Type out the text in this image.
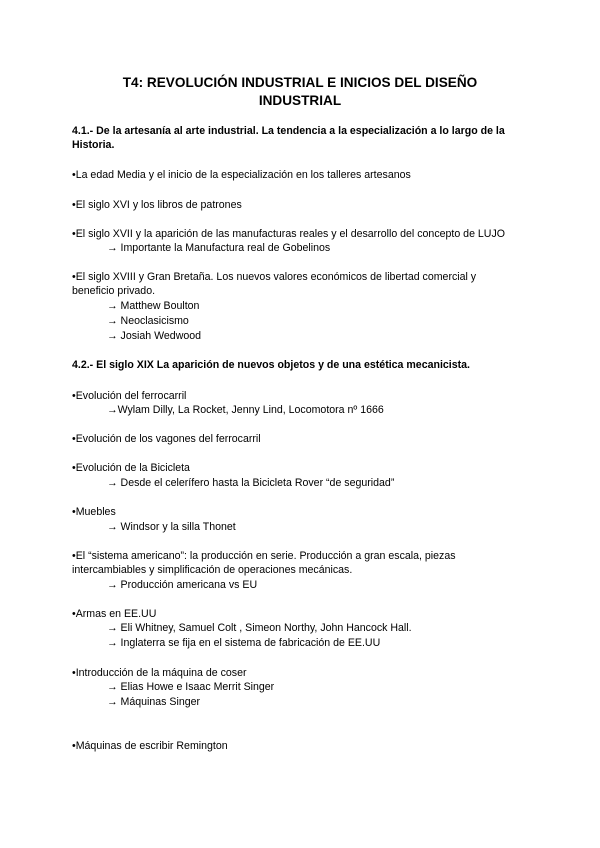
T4: REVOLUCIÓN INDUSTRIAL E INICIOS DEL DISEÑO
INDUSTRIAL
4.1.- De la artesanía al arte industrial. La tendencia a la especialización a lo largo de la
Historia.
•La edad Media y el inicio de la especialización en los talleres artesanos
•El siglo XVI y los libros de patrones
•El siglo XVII y la aparición de las manufacturas reales y el desarrollo del concepto de LUJO
→ Importante la Manufactura real de Gobelinos
•El siglo XVIII y Gran Bretaña. Los nuevos valores económicos de libertad comercial y
beneficio privado.
→ Matthew Boulton
→ Neoclasicismo
→ Josiah Wedwood
4.2.- El siglo XIX La aparición de nuevos objetos y de una estética mecanicista.
•Evolución del ferrocarril
→Wylam Dilly, La Rocket, Jenny Lind, Locomotora nº 1666
•Evolución de los vagones del ferrocarril
•Evolución de la Bicicleta
→ Desde el celerífero hasta la Bicicleta Rover “de seguridad”
•Muebles
→ Windsor y la silla Thonet
•El “sistema americano”: la producción en serie. Producción a gran escala, piezas
intercambiables y simplificación de operaciones mecánicas.
→ Producción americana vs EU
•Armas en EE.UU
→ Eli Whitney, Samuel Colt , Simeon Northy, John Hancock Hall.
→ Inglaterra se fija en el sistema de fabricación de EE.UU
•Introducción de la máquina de coser
→ Elias Howe e Isaac Merrit Singer
→ Máquinas Singer
•Máquinas de escribir Remington
